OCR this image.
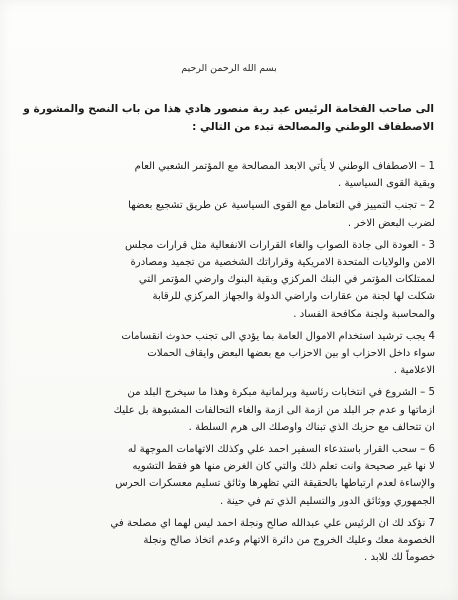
بسم الله الرحمن الرحيم
الى صاحب الفخامة الرئيس عبد ربة منصور هادي هذا من باب النصح والمشورة و
الاصطفاف الوطني والمصالحة تبدء من التالي :
1 – الاصطفاف الوطني لا يأتي الابعد المصالحة مع المؤتمر الشعبي العام
وبقية القوى السياسية .
2 – تجنب التمييز في التعامل مع القوى السياسية عن طريق تشجيع بعضها
لضرب البعض الاخر .
3 - العودة الى جادة الصواب والغاء القرارات الانفعالية مثل قرارات مجلس
الامن والولايات المتحدة الامريكية وقراراتك الشخصية من تجميد ومصادرة
لممتلكات المؤتمر في البنك المركزي وبقية البنوك وارضي المؤتمر التي
شكلت لها لجنة من عقارات واراضي الدولة والجهاز المركزي للرقابة
والمحاسبة ولجنة مكافحة الفساد .
4 يجب ترشيد استخدام الاموال العامة بما يؤدي الى تجنب حدوث انقسامات
سواء داخل الاحزاب او بين الاحزاب مع بعضها البعض وايقاف الحملات
الاعلامية .
5 – الشروع في انتخابات رئاسية وبرلمانية مبكرة وهذا ما سيخرج البلد من
ازماتها و عدم جر البلد من ازمة الى ازمة والغاء التحالفات المشبوهة بل عليك
ان تتحالف مع حزبك الذي تبناك واوصلك الى هرم السلطة .
6 – سحب القرار باستدعاء السفير احمد علي وكذلك الاتهامات الموجهة له
لا نها غير صحيحة وانت تعلم ذلك والتي كان الغرض منها هو فقط التشويه
والإساءة لعدم ارتباطها بالحقيقة التي تظهرها وثائق تسليم معسكرات الحرس
الجمهوري ووثائق الدور والتسليم الذي تم في حينة .
7 نؤكد لك ان الرئيس علي عبدالله صالح ونجلة احمد ليس لهما اي مصلحة في
الخصومة معك وعليك الخروج من دائرة الاتهام وعدم اتخاذ صالح ونجلة
خصوماً لك للابد .
